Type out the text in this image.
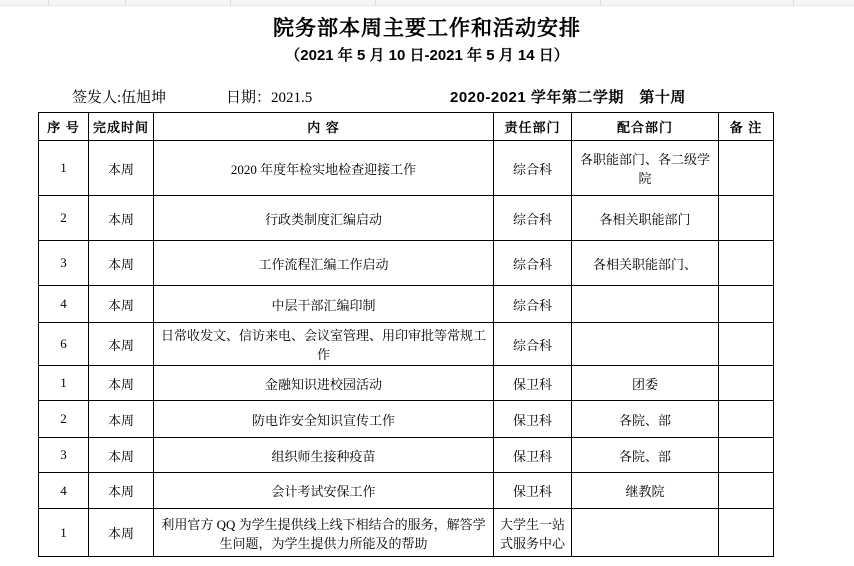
院务部本周主要工作和活动安排
（2021 年 5 月 10 日-2021 年 5 月 14 日）
签发人:伍旭坤	日期：2021.5	2020-2021 学年第二学期　第十周
序 号	完成时间	内 容	责任部门	配合部门	备 注
1	本周	2020 年度年检实地检查迎接工作	综合科	各职能部门、各二级学院	
2	本周	行政类制度汇编启动	综合科	各相关职能部门	
3	本周	工作流程汇编工作启动	综合科	各相关职能部门、	
4	本周	中层干部汇编印制	综合科		
6	本周	日常收发文、信访来电、会议室管理、用印审批等常规工作	综合科		
1	本周	金融知识进校园活动	保卫科	团委	
2	本周	防电诈安全知识宣传工作	保卫科	各院、部	
3	本周	组织师生接种疫苗	保卫科	各院、部	
4	本周	会计考试安保工作	保卫科	继教院	
1	本周	利用官方 QQ 为学生提供线上线下相结合的服务，解答学生问题，为学生提供力所能及的帮助	大学生一站式服务中心		
